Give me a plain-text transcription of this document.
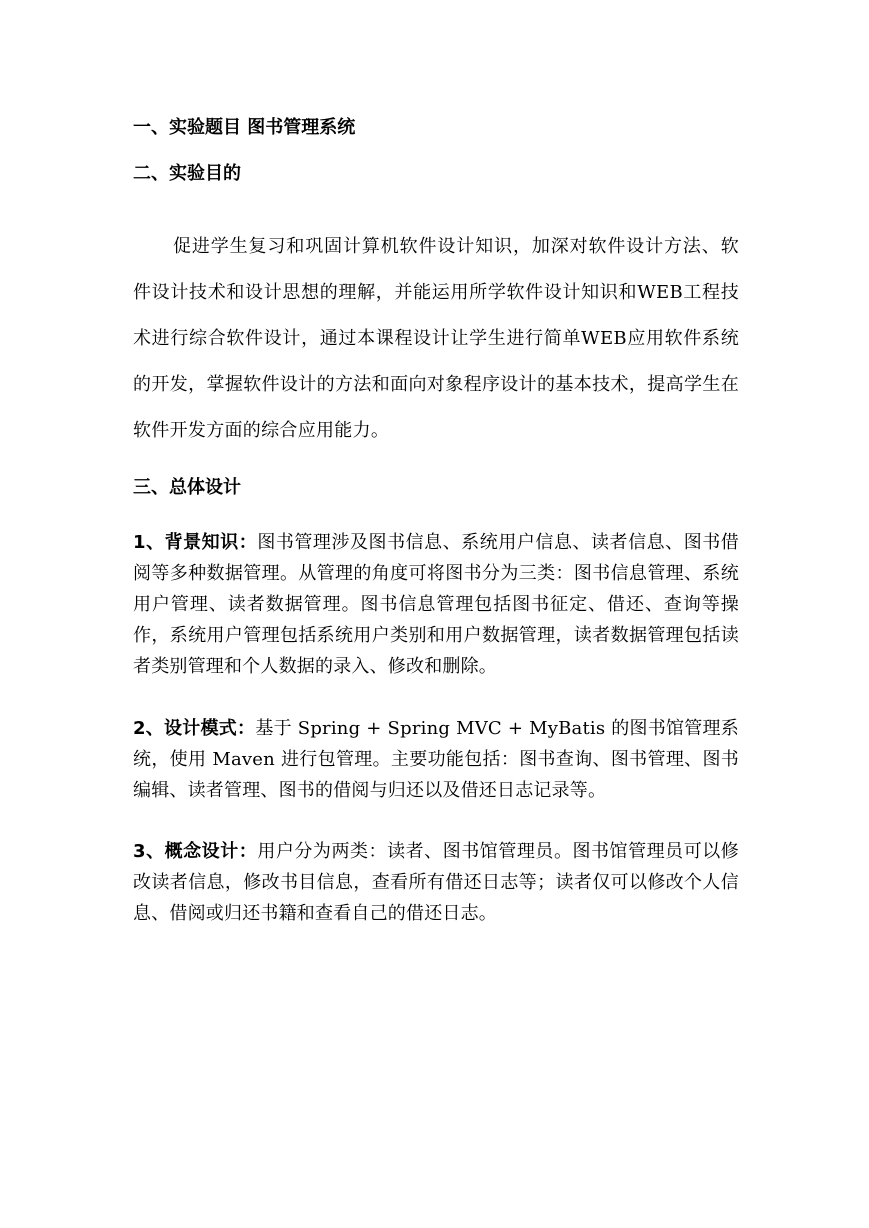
一、实验题目 图书管理系统
二、实验目的

促进学生复习和巩固计算机软件设计知识，加深对软件设计方法、软件设计技术和设计思想的理解，并能运用所学软件设计知识和WEB工程技术进行综合软件设计，通过本课程设计让学生进行简单WEB应用软件系统的开发，掌握软件设计的方法和面向对象程序设计的基本技术，提高学生在软件开发方面的综合应用能力。

三、总体设计

1、背景知识：图书管理涉及图书信息、系统用户信息、读者信息、图书借阅等多种数据管理。从管理的角度可将图书分为三类：图书信息管理、系统用户管理、读者数据管理。图书信息管理包括图书征定、借还、查询等操作，系统用户管理包括系统用户类别和用户数据管理，读者数据管理包括读者类别管理和个人数据的录入、修改和删除。

2、设计模式：基于 Spring + Spring MVC + MyBatis 的图书馆管理系统，使用 Maven 进行包管理。主要功能包括：图书查询、图书管理、图书编辑、读者管理、图书的借阅与归还以及借还日志记录等。

3、概念设计：用户分为两类：读者、图书馆管理员。图书馆管理员可以修改读者信息，修改书目信息，查看所有借还日志等；读者仅可以修改个人信息、借阅或归还书籍和查看自己的借还日志。
